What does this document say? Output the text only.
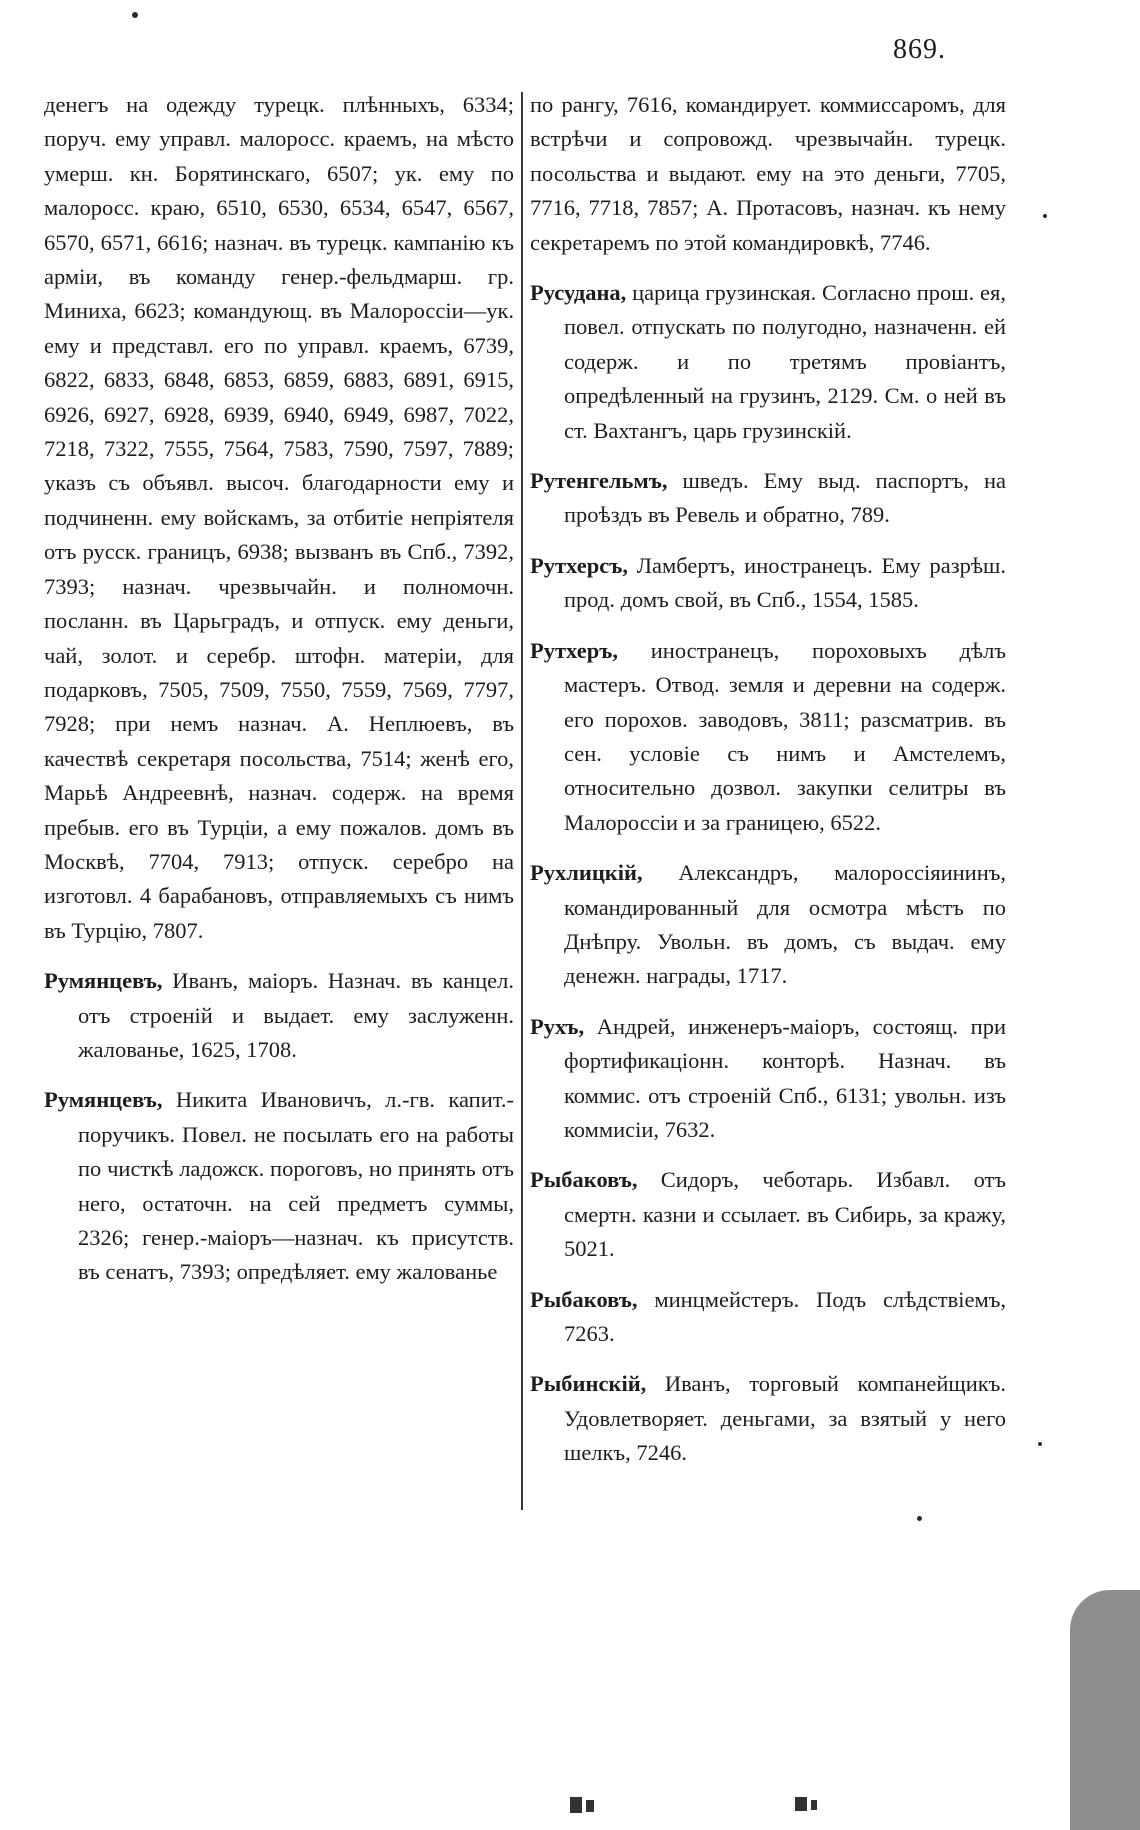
869.

денегъ на одежду турецк. плѣнныхъ, 6334; поруч. ему управл. малоросс. краемъ, на мѣсто умерш. кн. Борятинскаго, 6507; ук. ему по малоросс. краю, 6510, 6530, 6534, 6547, 6567, 6570, 6571, 6616; назнач. въ турецк. кампанію къ арміи, въ команду генер.-фельдмарш. гр. Миниха, 6623; командующ. въ Малороссіи—ук. ему и представл. его по управл. краемъ, 6739, 6822, 6833, 6848, 6853, 6859, 6883, 6891, 6915, 6926, 6927, 6928, 6939, 6940, 6949, 6987, 7022, 7218, 7322, 7555, 7564, 7583, 7590, 7597, 7889; указъ съ объявл. высоч. благодарности ему и подчиненн. ему войскамъ, за отбитіе непріятеля отъ русск. границъ, 6938; вызванъ въ Спб., 7392, 7393; назнач. чрезвычайн. и полномочн. посланн. въ Царьградъ, и отпуск. ему деньги, чай, золот. и серебр. штофн. матеріи, для подарковъ, 7505, 7509, 7550, 7559, 7569, 7797, 7928; при немъ назнач. А. Неплюевъ, въ качествѣ секретаря посольства, 7514; женѣ его, Марьѣ Андреевнѣ, назнач. содерж. на время пребыв. его въ Турціи, а ему пожалов. домъ въ Москвѣ, 7704, 7913; отпуск. серебро на изготовл. 4 барабановъ, отправляемыхъ съ нимъ въ Турцію, 7807.

Румянцевъ, Иванъ, маіоръ. Назнач. въ канцел. отъ строеній и выдает. ему заслуженн. жалованье, 1625, 1708.

Румянцевъ, Никита Ивановичъ, л.-гв. капит.-поручикъ. Повел. не посылать его на работы по чисткѣ ладожск. пороговъ, но принять отъ него, остаточн. на сей предметъ суммы, 2326; генер.-маіоръ—назнач. къ присутств. въ сенатъ, 7393; опредѣляет. ему жалованье

по рангу, 7616, командирует. коммиссаромъ, для встрѣчи и сопровожд. чрезвычайн. турецк. посольства и выдают. ему на это деньги, 7705, 7716, 7718, 7857; А. Протасовъ, назнач. къ нему секретаремъ по этой командировкѣ, 7746.

Русудана, царица грузинская. Согласно прош. ея, повел. отпускать по полугодно, назначенн. ей содерж. и по третямъ провіантъ, опредѣленный на грузинъ, 2129. См. о ней въ ст. Вахтангъ, царь грузинскій.

Рутенгельмъ, шведъ. Ему выд. паспортъ, на проѣздъ въ Ревель и обратно, 789.

Рутхерсъ, Ламбертъ, иностранецъ. Ему разрѣш. прод. домъ свой, въ Спб., 1554, 1585.

Рутхеръ, иностранецъ, пороховыхъ дѣлъ мастеръ. Отвод. земля и деревни на содерж. его порохов. заводовъ, 3811; разсматрив. въ сен. условіе съ нимъ и Амстелемъ, относительно дозвол. закупки селитры въ Малороссіи и за границею, 6522.

Рухлицкій, Александръ, малороссіяининъ, командированный для осмотра мѣстъ по Днѣпру. Увольн. въ домъ, съ выдач. ему денежн. награды, 1717.

Рухъ, Андрей, инженеръ-маіоръ, состоящ. при фортификаціонн. конторѣ. Назнач. въ коммис. отъ строеній Спб., 6131; увольн. изъ коммисіи, 7632.

Рыбаковъ, Сидоръ, чеботарь. Избавл. отъ смертн. казни и ссылает. въ Сибирь, за кражу, 5021.

Рыбаковъ, минцмейстеръ. Подъ слѣдствіемъ, 7263.

Рыбинскій, Иванъ, торговый компанейщикъ. Удовлетворяет. деньгами, за взятый у него шелкъ, 7246.
